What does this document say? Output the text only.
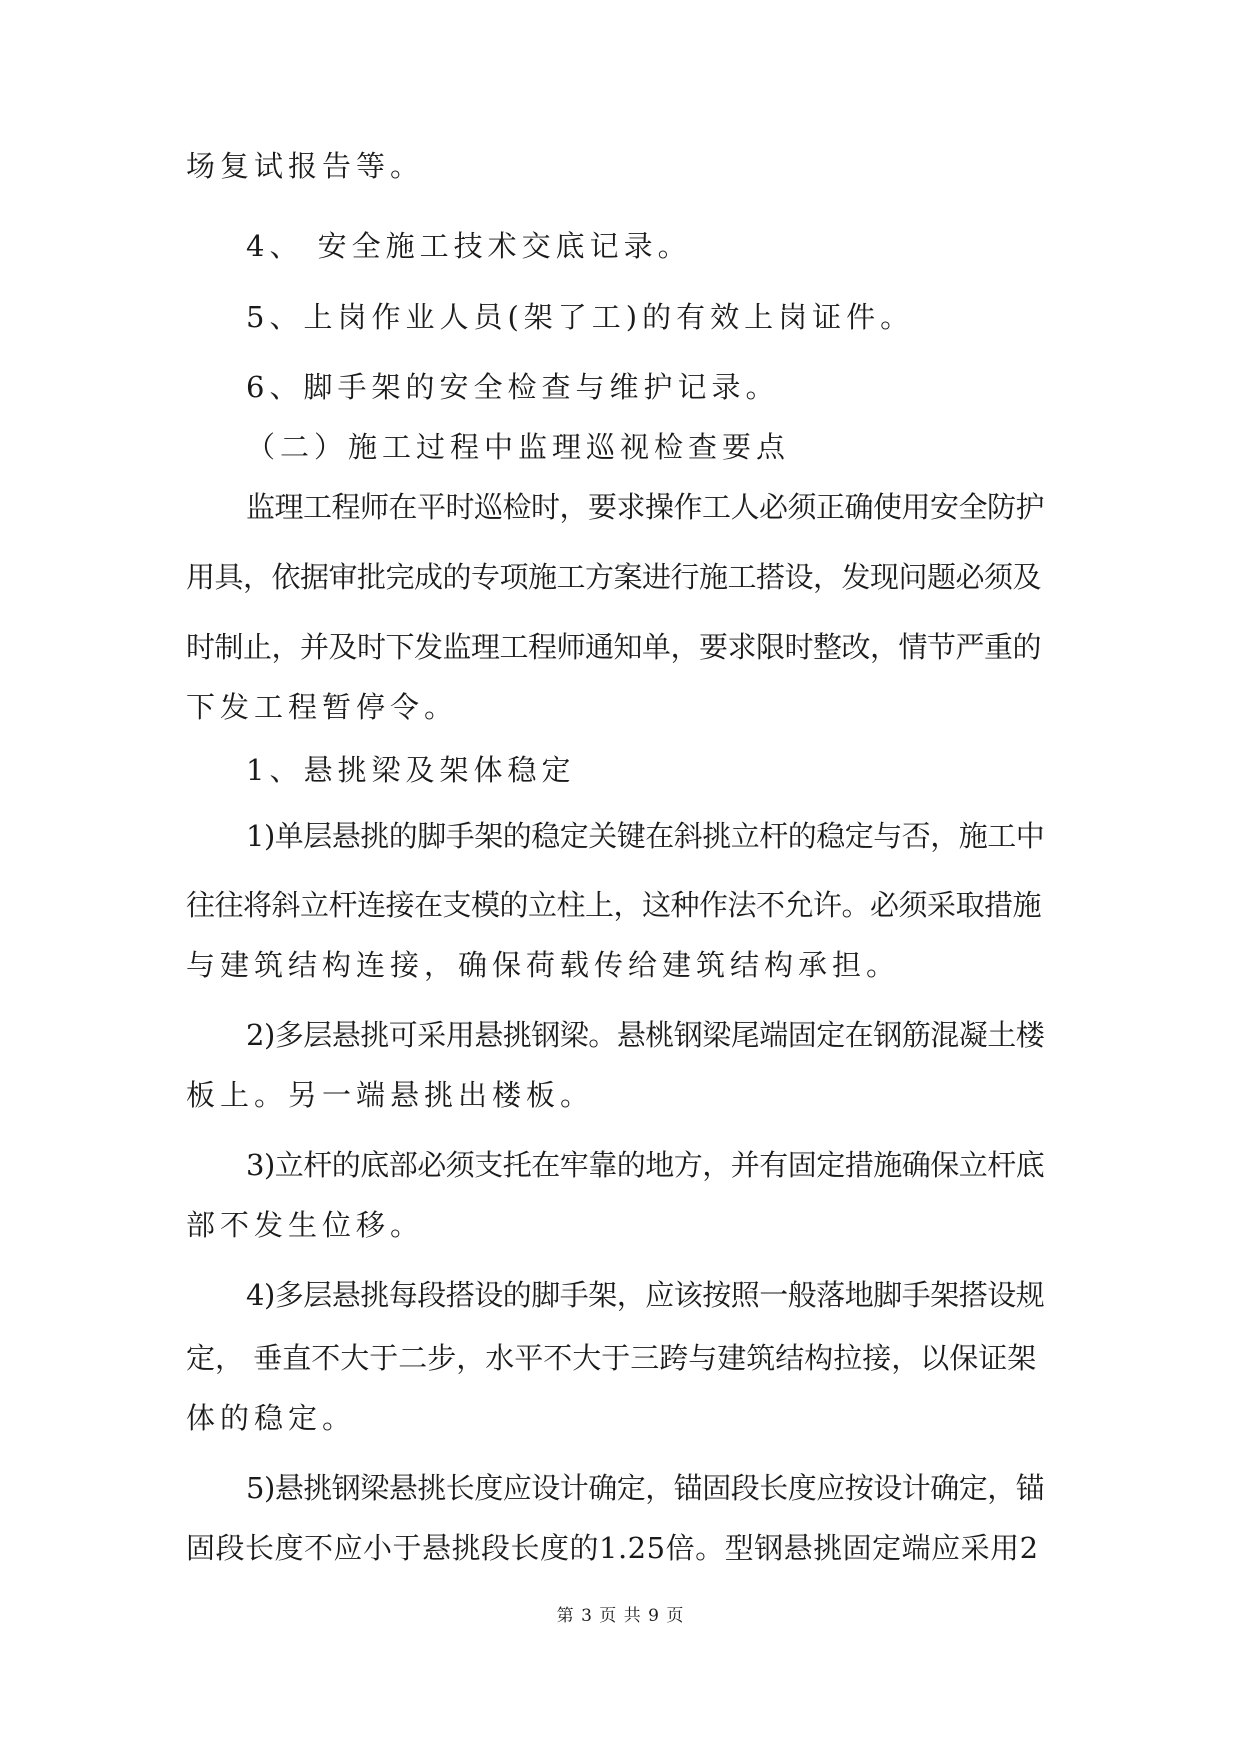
场复试报告等。
4、 安全施工技术交底记录。
5、上岗作业人员(架了工)的有效上岗证件。
6、脚手架的安全检查与维护记录。
（二）施工过程中监理巡视检查要点
监理工程师在平时巡检时，要求操作工人必须正确使用安全防护
用具，依据审批完成的专项施工方案进行施工搭设，发现问题必须及
时制止，并及时下发监理工程师通知单，要求限时整改，情节严重的
下发工程暂停令。
1、悬挑梁及架体稳定
1)单层悬挑的脚手架的稳定关键在斜挑立杆的稳定与否，施工中
往往将斜立杆连接在支模的立柱上，这种作法不允许。必须采取措施
与建筑结构连接，确保荷载传给建筑结构承担。
2)多层悬挑可采用悬挑钢梁。悬桃钢梁尾端固定在钢筋混凝土楼
板上。另一端悬挑出楼板。
3)立杆的底部必须支托在牢靠的地方，并有固定措施确保立杆底
部不发生位移。
4)多层悬挑每段搭设的脚手架，应该按照一般落地脚手架搭设规
定， 垂直不大于二步，水平不大于三跨与建筑结构拉接，以保证架
体的稳定。
5)悬挑钢梁悬挑长度应设计确定，锚固段长度应按设计确定，锚
固段长度不应小于悬挑段长度的1.25倍。型钢悬挑固定端应采用2
第 3 页 共 9 页
